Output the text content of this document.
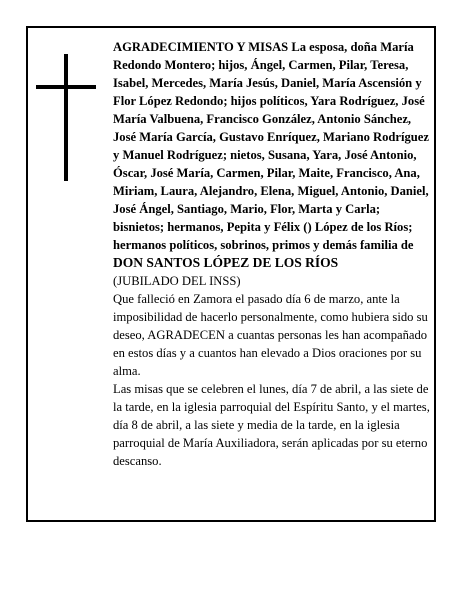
AGRADECIMIENTO Y MISAS La esposa, doña María Redondo Montero; hijos, Ángel, Carmen, Pilar, Teresa, Isabel, Mercedes, María Jesús, Daniel, María Ascensión y Flor López Redondo; hijos políticos, Yara Rodríguez, José María Valbuena, Francisco González, Antonio Sánchez, José María García, Gustavo Enríquez, Mariano Rodríguez y Manuel Rodríguez; nietos, Susana, Yara, José Antonio, Óscar, José María, Carmen, Pilar, Maite, Francisco, Ana, Miriam, Laura, Alejandro, Elena, Miguel, Antonio, Daniel, José Ángel, Santiago, Mario, Flor, Marta y Carla; bisnietos; hermanos, Pepita y Félix () López de los Ríos; hermanos políticos, sobrinos, primos y demás familia de
DON SANTOS LÓPEZ DE LOS RÍOS
(JUBILADO DEL INSS)
Que falleció en Zamora el pasado día 6 de marzo, ante la imposibilidad de hacerlo personalmente, como hubiera sido su deseo, AGRADECEN a cuantas personas les han acompañado en estos días y a cuantos han elevado a Dios oraciones por su alma.
Las misas que se celebren el lunes, día 7 de abril, a las siete de la tarde, en la iglesia parroquial del Espíritu Santo, y el martes, día 8 de abril, a las siete y media de la tarde, en la iglesia parroquial de María Auxiliadora, serán aplicadas por su eterno descanso.
